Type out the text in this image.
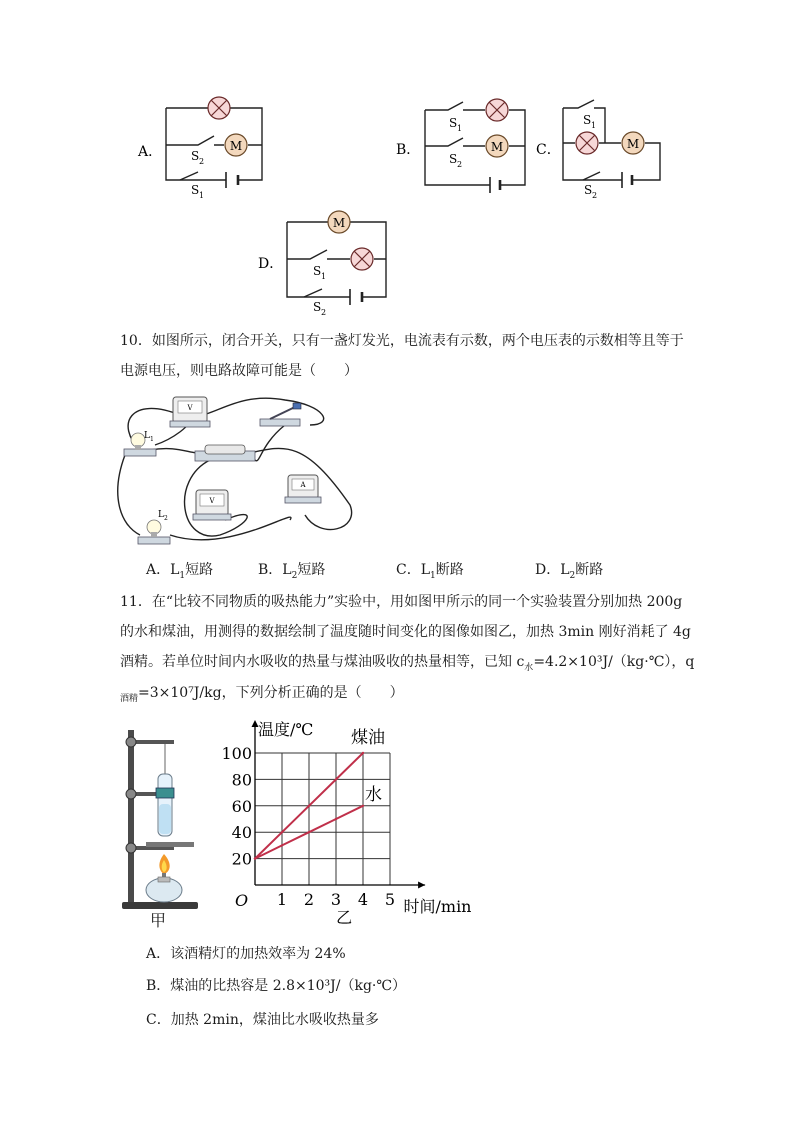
A．	M
S 2
S 1
B．	M
S 1
S 2
C．	M
S 1
S 2
D．
M
S 1
S 2
10．如图所示，闭合开关，只有一盏灯发光，电流表有示数，两个电压表的示数相等且等于
电源电压，则电路故障可能是（　　）
V
L 1
A
V
L 2
A．$L_1$短路	B．$L_2$短路	C．$L_1$断路	D．$L_2$断路
11．在“比较不同物质的吸热能力”实验中，用如图甲所示的同一个实验装置分别加热 200g
的水和煤油，用测得的数据绘制了温度随时间变化的图像如图乙，加热 3min 刚好消耗了 4g
酒精。若单位时间内水吸收的热量与煤油吸收的热量相等，已知 $c_水=4.2\times 10^3J/(kg\cdot℃)$，q
$_{酒精}$=3×10⁷J/kg，下列分析正确的是（　　）
甲
1 2 3 4 5
20
40
60
80
100
O
温度/℃
时间/min
乙
煤油
水
A．该酒精灯的加热效率为 24%
B．煤油的比热容是 2.8×10³J/（kg·℃）
C．加热 2min，煤油比水吸收热量多
